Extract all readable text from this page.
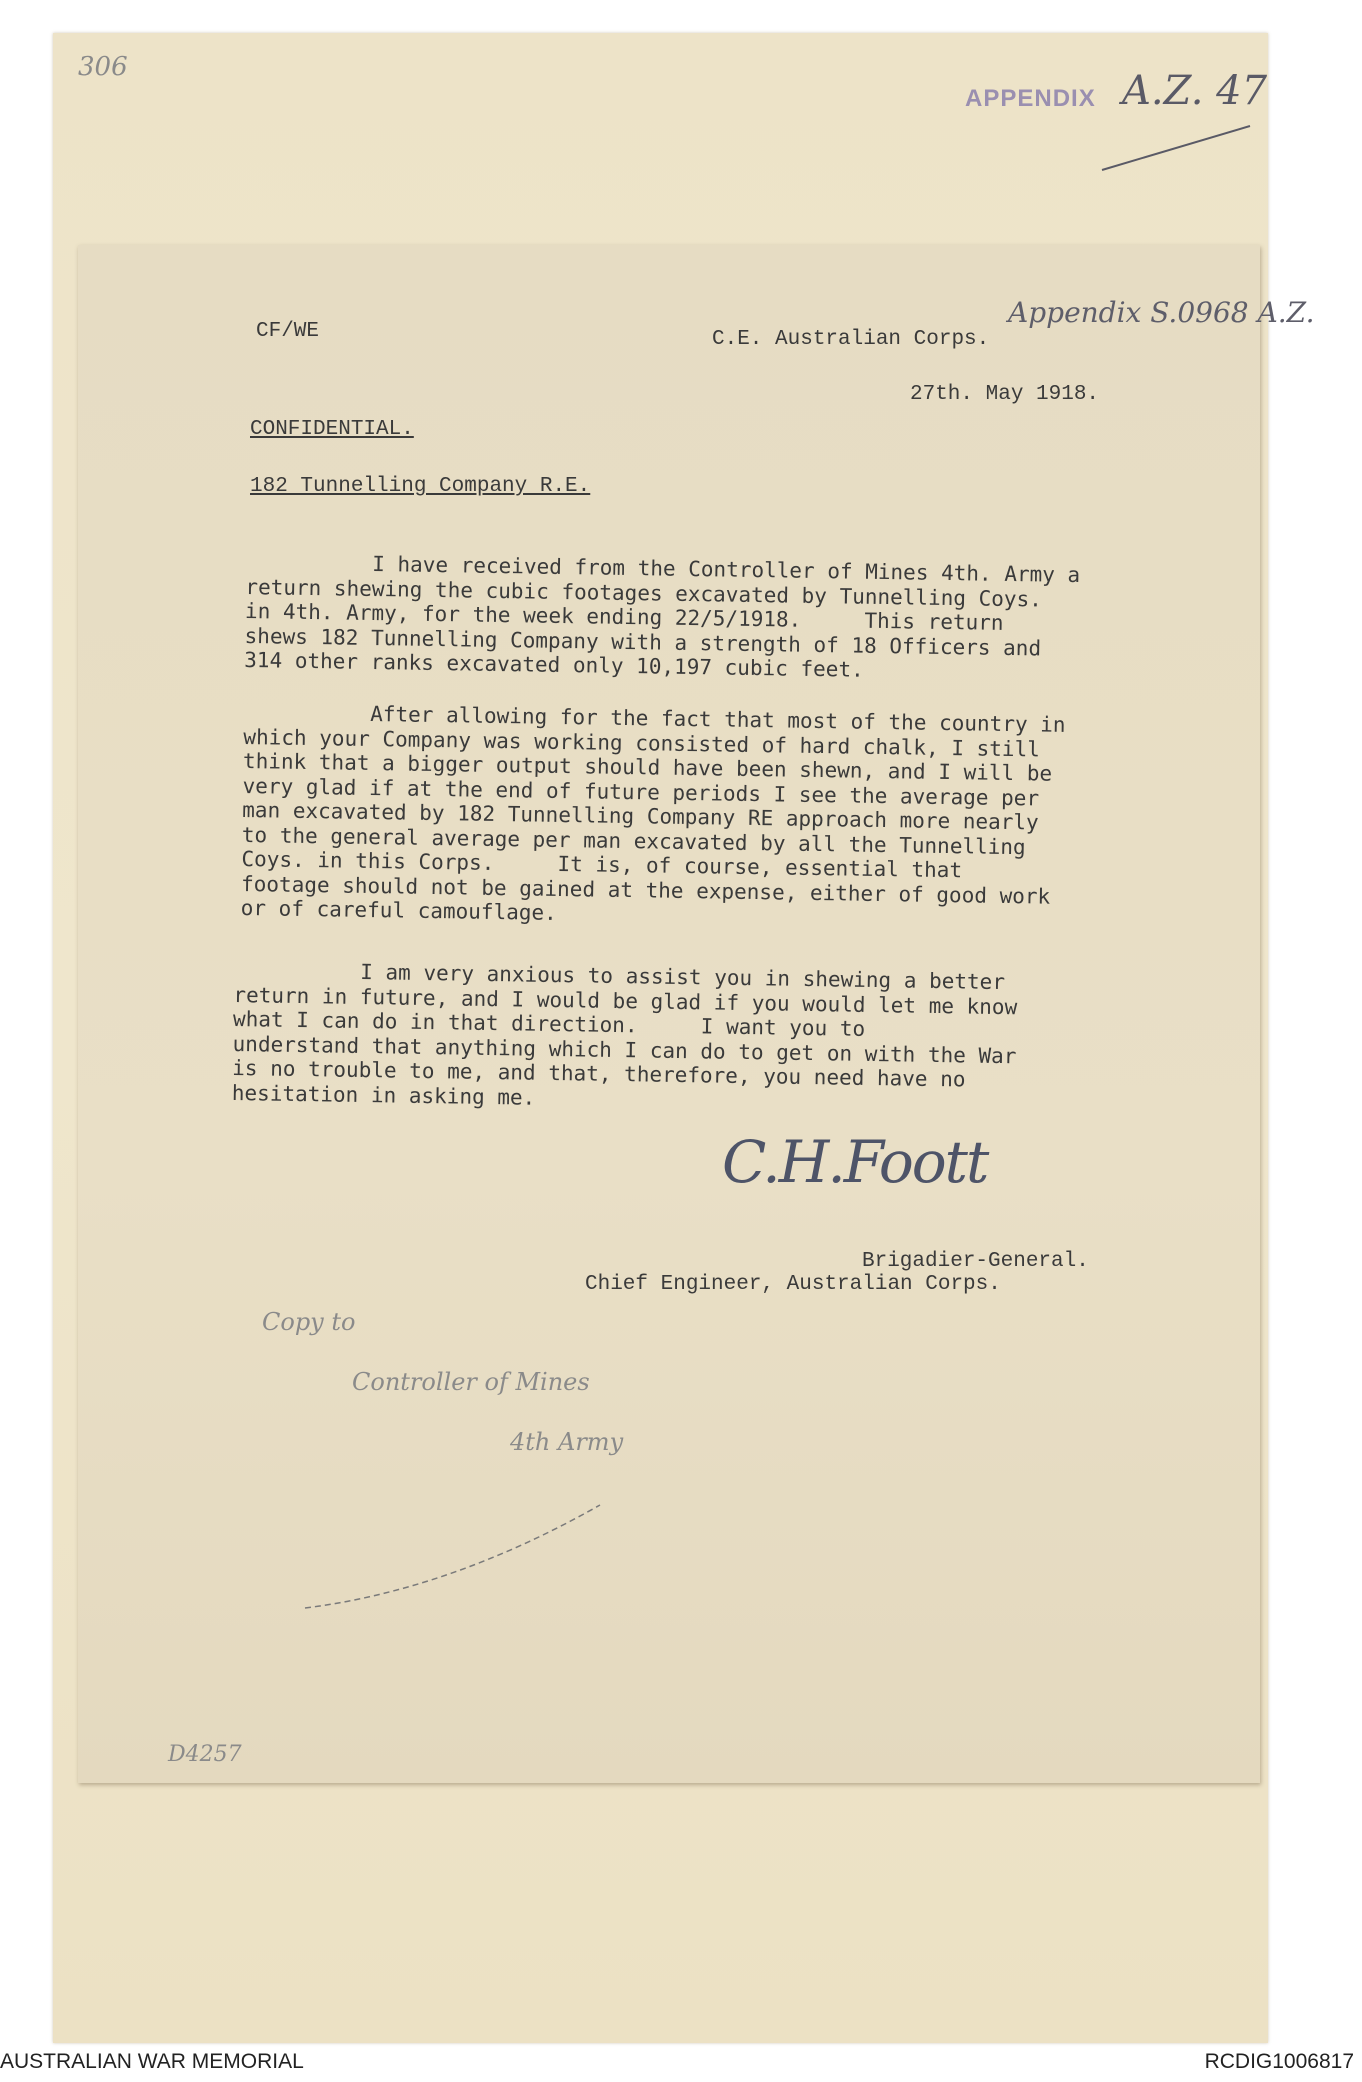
306
APPENDIX A.Z. 47
CF/WE	C.E. Australian Corps.
Appendix S.0968 A.Z.
27th. May 1918.
CONFIDENTIAL.
182 Tunnelling Company R.E.
I have received from the Controller of Mines 4th. Army a
return shewing the cubic footages excavated by Tunnelling Coys.
in 4th. Army, for the week ending 22/5/1918.     This return
shews 182 Tunnelling Company with a strength of 18 Officers and
314 other ranks excavated only 10,197 cubic feet.
After allowing for the fact that most of the country in
which your Company was working consisted of hard chalk, I still
think that a bigger output should have been shewn, and I will be
very glad if at the end of future periods I see the average per
man excavated by 182 Tunnelling Company RE approach more nearly
to the general average per man excavated by all the Tunnelling
Coys. in this Corps.     It is, of course, essential that
footage should not be gained at the expense, either of good work
or of careful camouflage.
I am very anxious to assist you in shewing a better
return in future, and I would be glad if you would let me know
what I can do in that direction.     I want you to
understand that anything which I can do to get on with the War
is no trouble to me, and that, therefore, you need have no
hesitation in asking me.
C.H.Foott
Brigadier-General.
Chief Engineer, Australian Corps.
Copy to
Controller of Mines
4th Army
D4257
AUSTRALIAN WAR MEMORIAL	RCDIG1006817
